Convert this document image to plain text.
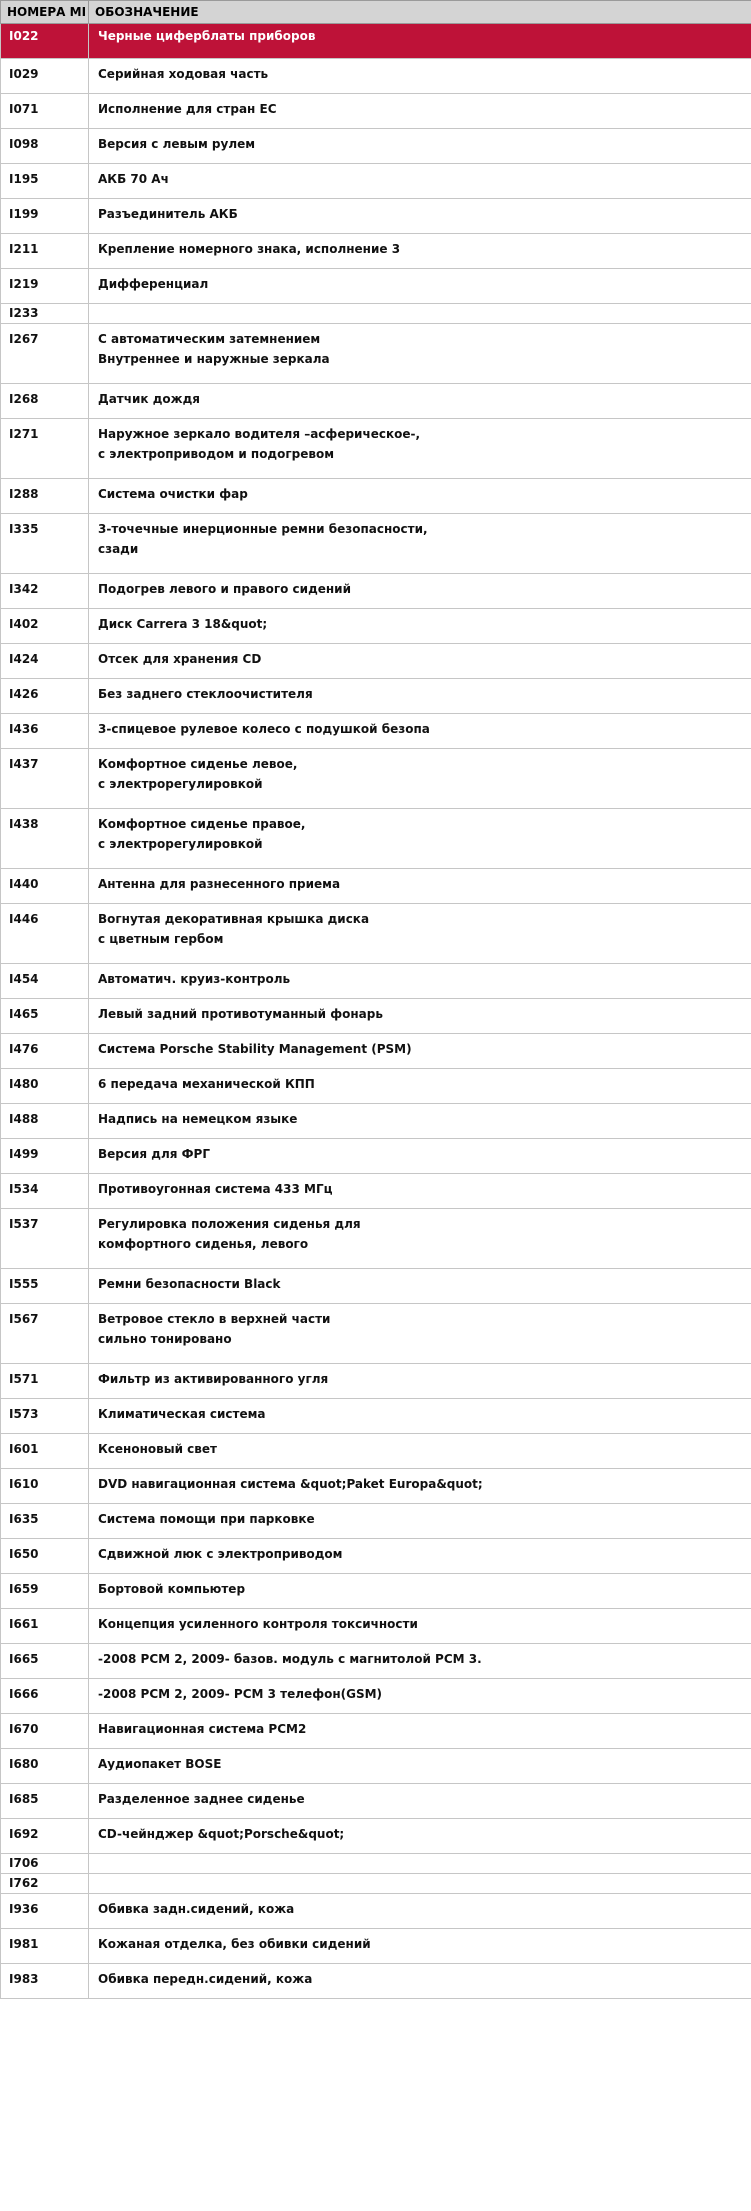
НОМЕРА МI	ОБОЗНАЧЕНИЕ
I022	Черные циферблаты приборов
I029	Серийная ходовая часть
I071	Исполнение для стран ЕС
I098	Версия с левым рулем
I195	АКБ 70 Ач
I199	Разъединитель АКБ
I211	Крепление номерного знака, исполнение 3
I219	Дифференциал
I233	
I267	С автоматическим затемнением
Внутреннее и наружные зеркала
I268	Датчик дождя
I271	Наружное зеркало водителя –асферическое-,
с электроприводом и подогревом
I288	Система очистки фар
I335	3-точечные инерционные ремни безопасности,
сзади
I342	Подогрев левого и правого сидений
I402	Диск Carrera 3 18&quot;
I424	Отсек для хранения CD
I426	Без заднего стеклоочистителя
I436	3-спицевое рулевое колесо с подушкой безопа
I437	Комфортное сиденье левое,
с электрорегулировкой
I438	Комфортное сиденье правое,
с электрорегулировкой
I440	Антенна для разнесенного приема
I446	Вогнутая декоративная крышка диска
с цветным гербом
I454	Автоматич. круиз-контроль
I465	Левый задний противотуманный фонарь
I476	Система Porsche Stability Management (PSM)
I480	6 передача механической КПП
I488	Надпись на немецком языке
I499	Версия для ФРГ
I534	Противоугонная система 433 МГц
I537	Регулировка положения сиденья для
комфортного сиденья, левого
I555	Ремни безопасности Black
I567	Ветровое стекло в верхней части
сильно тонировано
I571	Фильтр из активированного угля
I573	Климатическая система
I601	Ксеноновый свет
I610	DVD навигационная система &quot;Paket Europa&quot;
I635	Система помощи при парковке
I650	Сдвижной люк с электроприводом
I659	Бортовой компьютер
I661	Концепция усиленного контроля токсичности
I665	-2008 PCM 2, 2009- базов. модуль с магнитолой PCM 3.
I666	-2008 PCM 2, 2009- PCM 3 телефон(GSM)
I670	Навигационная система PCM2
I680	Аудиопакет BOSE
I685	Разделенное заднее сиденье
I692	CD-чейнджер &quot;Porsche&quot;
I706	
I762	
I936	Обивка задн.сидений, кожа
I981	Кожаная отделка, без обивки сидений
I983	Обивка передн.сидений, кожа
